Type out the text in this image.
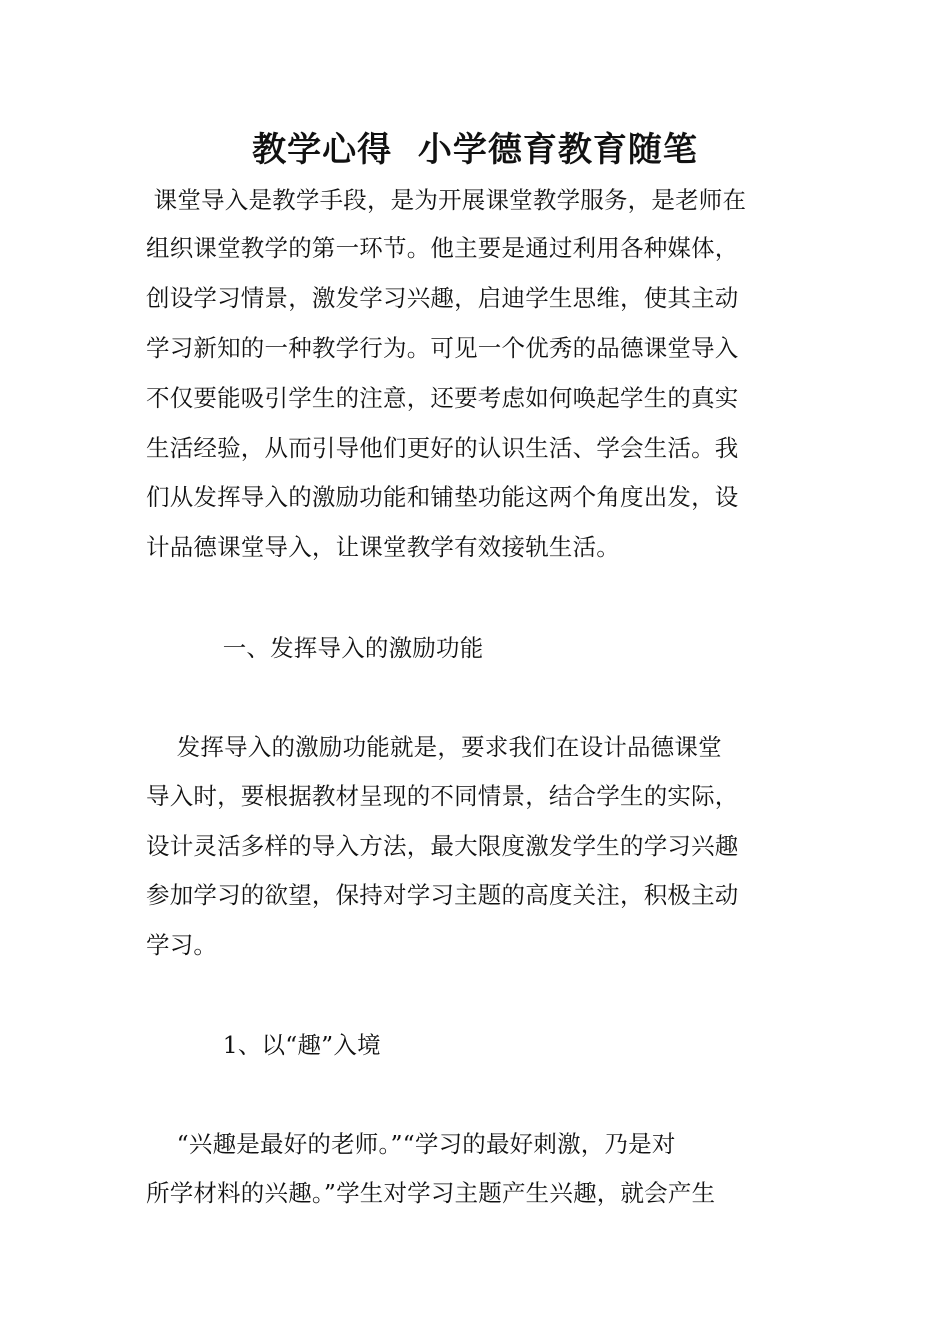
教学心得  小学德育教育随笔
课堂导入是教学手段，是为开展课堂教学服务，是老师在
组织课堂教学的第一环节。他主要是通过利用各种媒体，
创设学习情景，激发学习兴趣，启迪学生思维，使其主动
学习新知的一种教学行为。可见一个优秀的品德课堂导入
不仅要能吸引学生的注意，还要考虑如何唤起学生的真实
生活经验，从而引导他们更好的认识生活、学会生活。我
们从发挥导入的激励功能和铺垫功能这两个角度出发，设
计品德课堂导入，让课堂教学有效接轨生活。
一、发挥导入的激励功能
发挥导入的激励功能就是，要求我们在设计品德课堂
导入时，要根据教材呈现的不同情景，结合学生的实际，
设计灵活多样的导入方法，最大限度激发学生的学习兴趣
参加学习的欲望，保持对学习主题的高度关注，积极主动
学习。
1、以“趣”入境
“兴趣是最好的老师。”“学习的最好刺激，乃是对
所学材料的兴趣。”学生对学习主题产生兴趣，就会产生
